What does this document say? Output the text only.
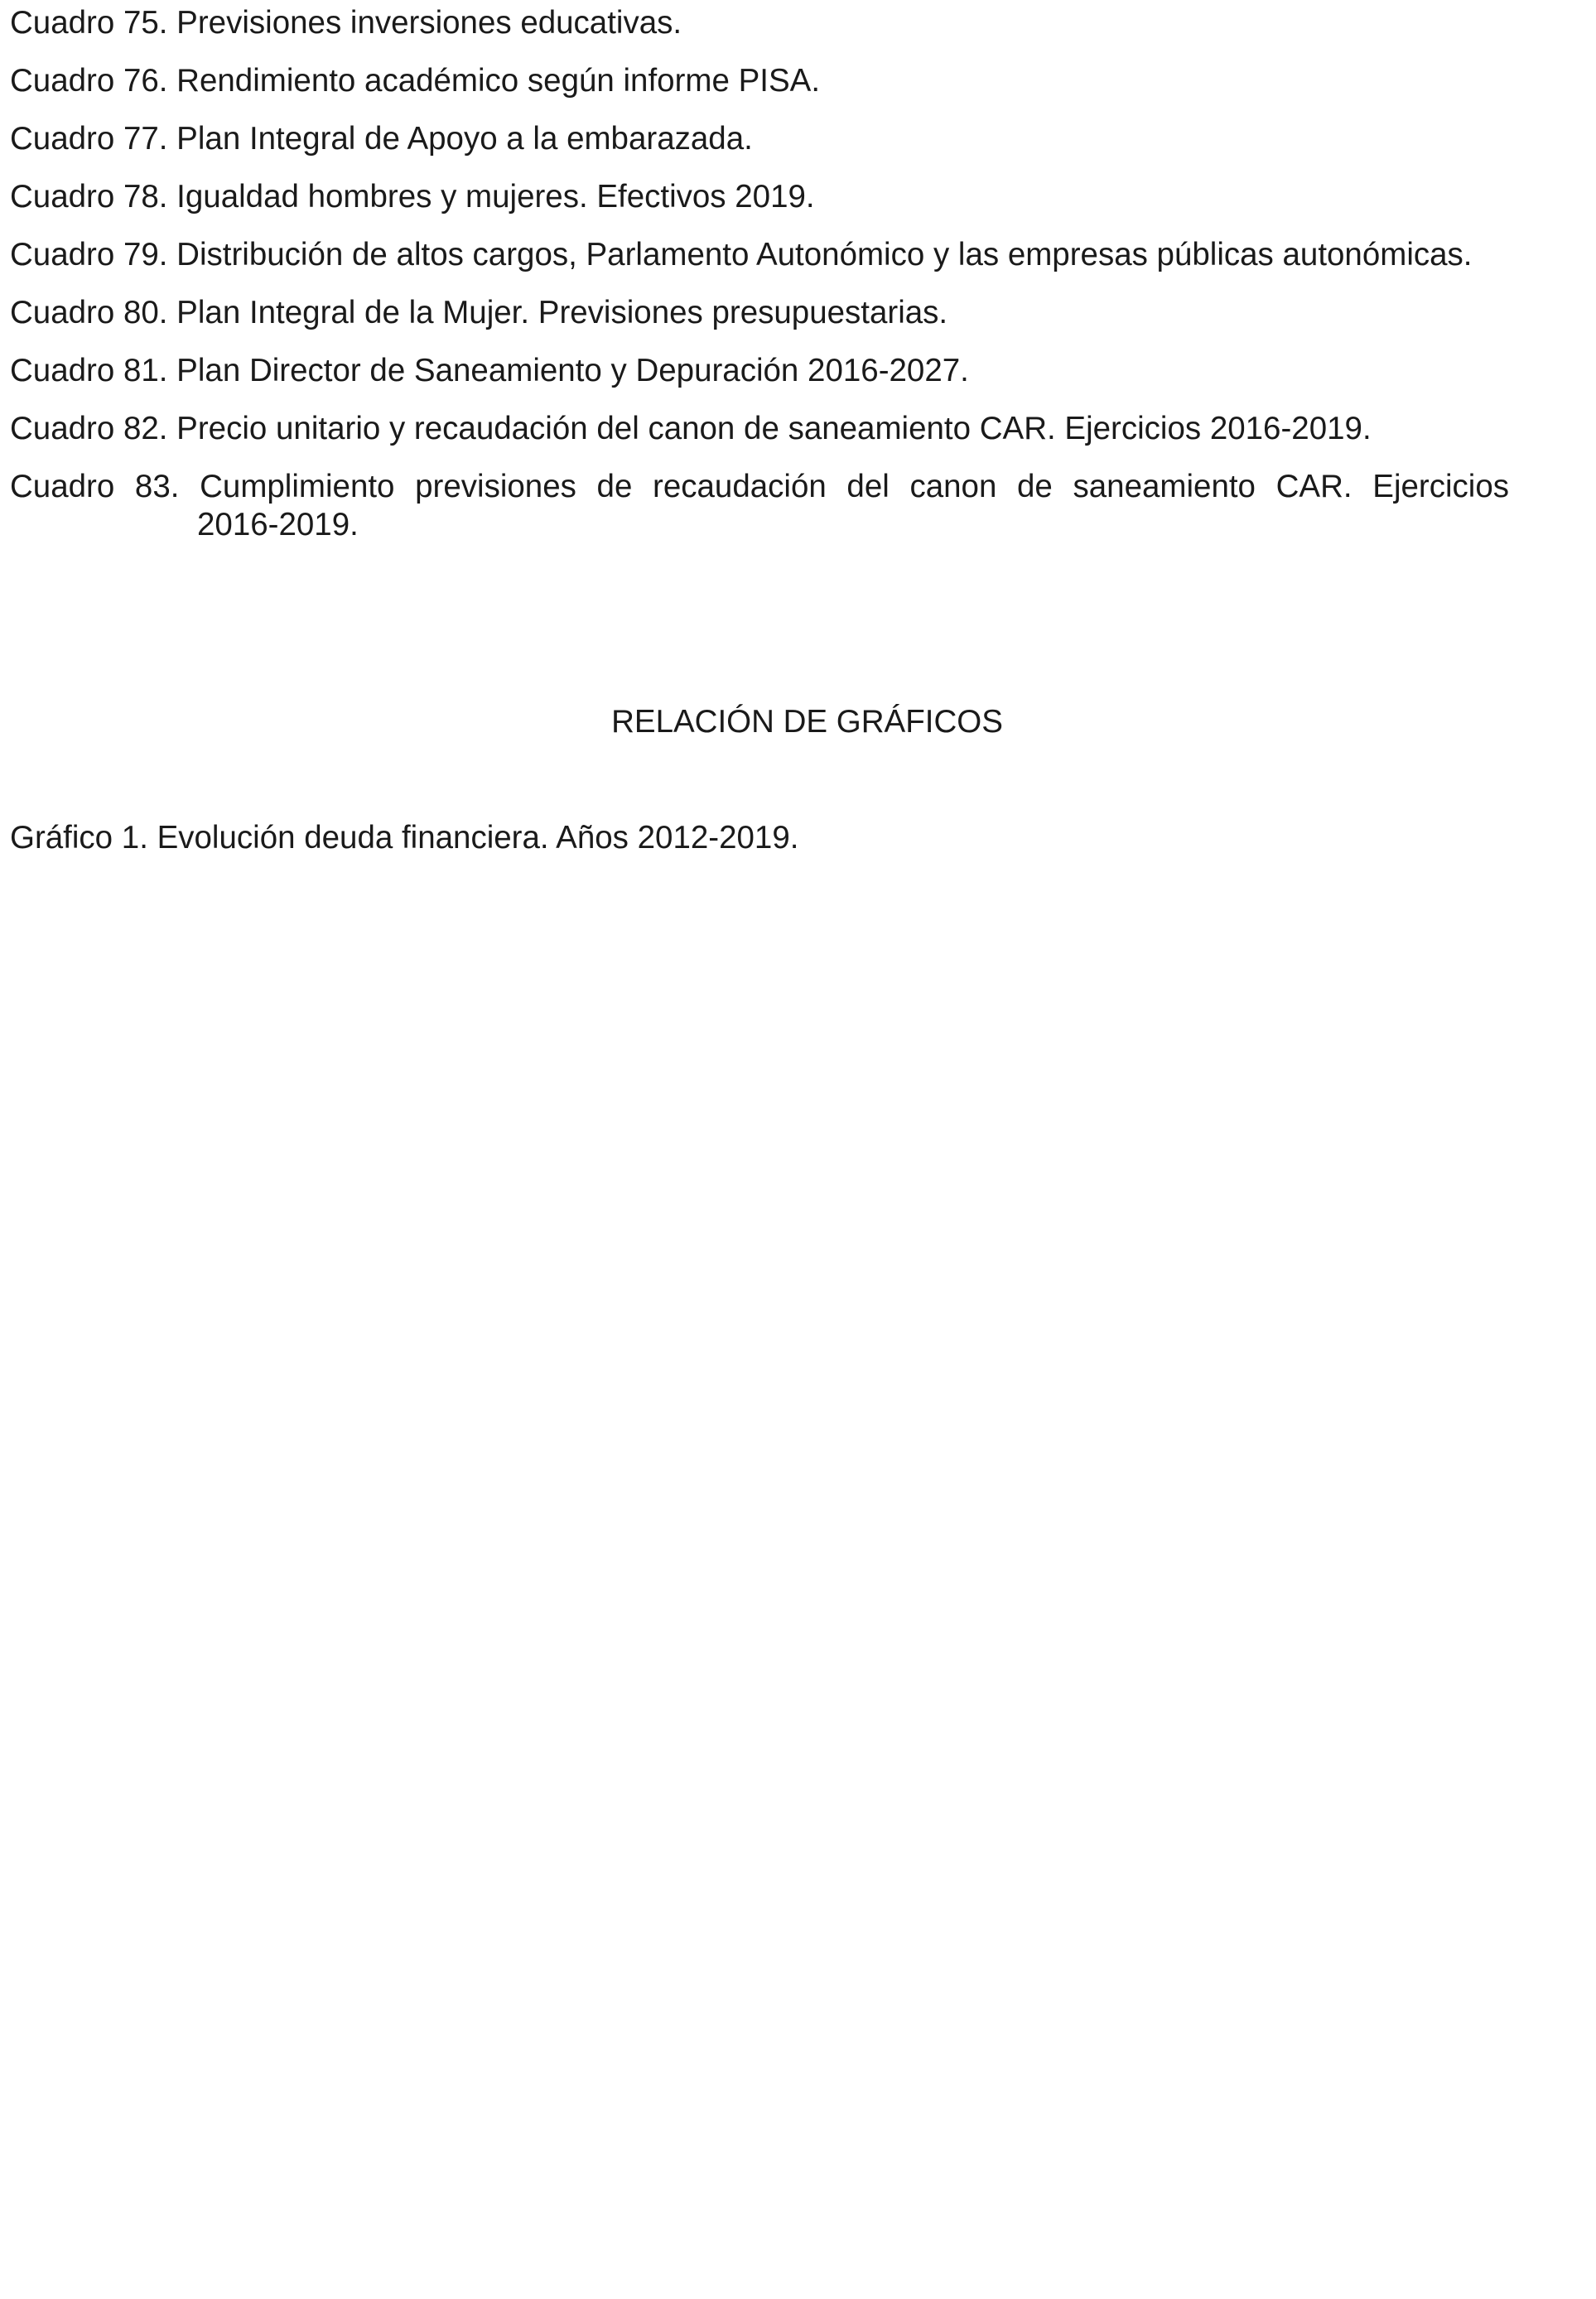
Cuadro 75. Previsiones inversiones educativas.
Cuadro 76. Rendimiento académico según informe PISA.
Cuadro 77. Plan Integral de Apoyo a la embarazada.
Cuadro 78. Igualdad hombres y mujeres. Efectivos 2019.
Cuadro 79. Distribución de altos cargos, Parlamento Autonómico y las empresas públicas autonómicas.
Cuadro 80. Plan Integral de la Mujer. Previsiones presupuestarias.
Cuadro 81. Plan Director de Saneamiento y Depuración 2016-2027.
Cuadro 82. Precio unitario y recaudación del canon de saneamiento CAR. Ejercicios 2016-2019.
Cuadro 83. Cumplimiento previsiones de recaudación del canon de saneamiento CAR. Ejercicios
2016-2019.
RELACIÓN DE GRÁFICOS
Gráfico 1. Evolución deuda financiera. Años 2012-2019.
